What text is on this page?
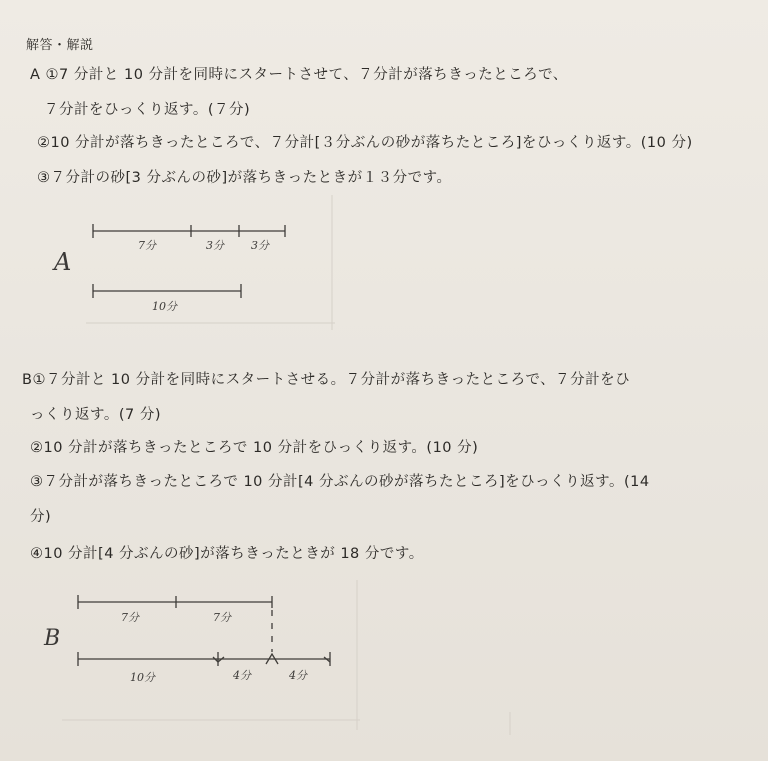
解答・解説
A ①7 分計と 10 分計を同時にスタートさせて、７分計が落ちきったところで、
７分計をひっくり返す。(７分)
②10 分計が落ちきったところで、７分計[３分ぶんの砂が落ちたところ]をひっくり返す。(10 分)
③７分計の砂[3 分ぶんの砂]が落ちきったときが１３分です。
B①７分計と 10 分計を同時にスタートさせる。７分計が落ちきったところで、７分計をひ
っくり返す。(7 分)
②10 分計が落ちきったところで 10 分計をひっくり返す。(10 分)
③７分計が落ちきったところで 10 分計[4 分ぶんの砂が落ちたところ]をひっくり返す。(14
分)
④10 分計[4 分ぶんの砂]が落ちきったときが 18 分です。
A
7分	3分 3分
10分
B
7分	7分
10分	4分	4分
